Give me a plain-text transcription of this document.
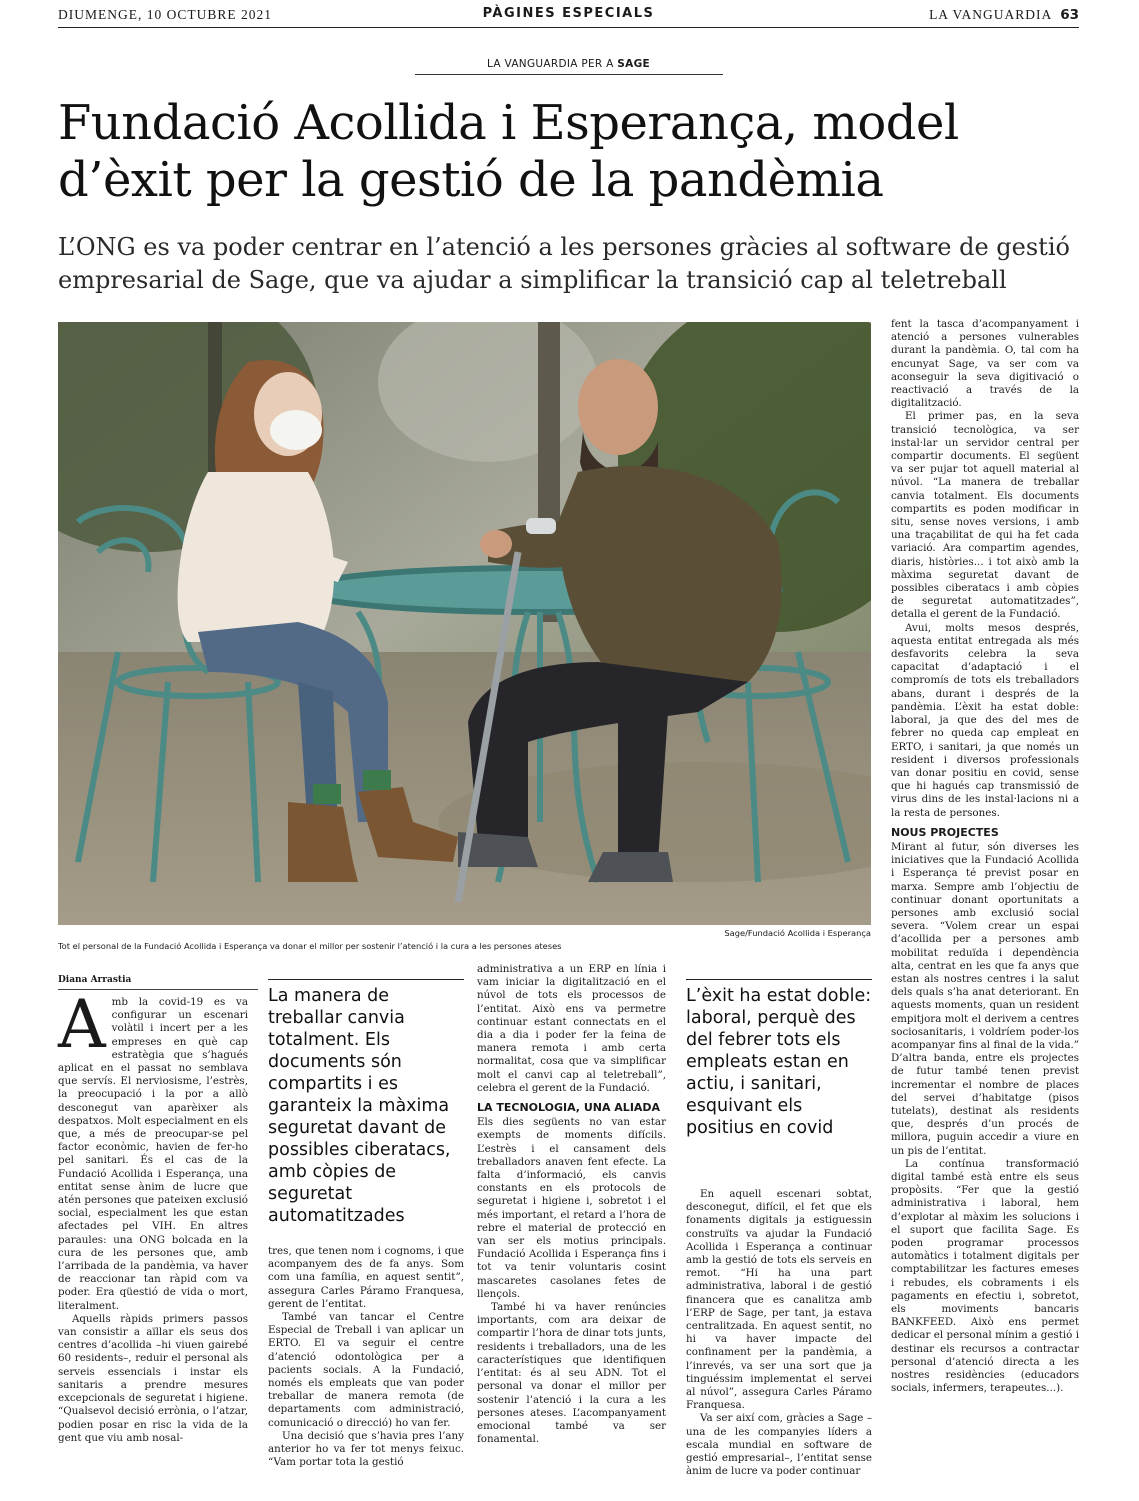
DIUMENGE, 10 OCTUBRE 2021	PÀGINES ESPECIALS	LA VANGUARDIA 63
LA VANGUARDIA PER A SAGE
Fundació Acollida i Esperança, model d’èxit per la gestió de la pandèmia

L’ONG es va poder centrar en l’atenció a les persones gràcies al software de gestió empresarial de Sage, que va ajudar a simplificar la transició cap al teletreball

Sage/Fundació Acollida i Esperança
Tot el personal de la Fundació Acollida i Esperança va donar el millor per sostenir l’atenció i la cura a les persones ateses

fent la tasca d’acompanyament i atenció a persones vulnerables durant la pandèmia. O, tal com ha encunyat Sage, va ser com va aconseguir la seva digitivació o reactivació a través de la digitalització.

El primer pas, en la seva transició tecnològica, va ser instal·lar un servidor central per compartir documents. El següent va ser pujar tot aquell material al núvol. “La manera de treballar canvia totalment. Els documents compartits es poden modificar in situ, sense noves versions, i amb una traçabilitat de qui ha fet cada variació. Ara compartim agendes, diaris, històries... i tot això amb la màxima seguretat davant de possibles ciberatacs i amb còpies de seguretat automatitzades”, detalla el gerent de la Fundació.

Avui, molts mesos després, aquesta entitat entregada als més desfavorits celebra la seva capacitat d’adaptació i el compromís de tots els treballadors abans, durant i després de la pandèmia. L’èxit ha estat doble: laboral, ja que des del mes de febrer no queda cap empleat en ERTO, i sanitari, ja que només un resident i diversos professionals van donar positiu en covid, sense que hi hagués cap transmissió de virus dins de les instal·lacions ni a la resta de persones.

NOUS PROJECTES

Mirant al futur, són diverses les iniciatives que la Fundació Acollida i Esperança té previst posar en marxa. Sempre amb l’objectiu de continuar donant oportunitats a persones amb exclusió social severa. “Volem crear un espai d’acollida per a persones amb mobilitat reduïda i dependència alta, centrat en les que fa anys que estan als nostres centres i la salut dels quals s’ha anat deteriorant. En aquests moments, quan un resident empitjora molt el derivem a centres sociosanitaris, i voldríem poder-los acompanyar fins al final de la vida.” D’altra banda, entre els projectes de futur també tenen previst incrementar el nombre de places del servei d’habitatge (pisos tutelats), destinat als residents que, després d’un procés de millora, puguin accedir a viure en un pis de l’entitat.

La contínua transformació digital també està entre els seus propòsits. “Fer que la gestió administrativa i laboral, hem d’explotar al màxim les solucions i el suport que facilita Sage. Es poden programar processos automàtics i totalment digitals per comptabilitzar les factures emeses i rebudes, els cobraments i els pagaments en efectiu i, sobretot, els moviments bancaris BANKFEED. Això ens permet dedicar el personal mínim a gestió i destinar els recursos a contractar personal d’atenció directa a les nostres residències (educadors socials, infermers, terapeutes...).

Diana Arrastia

Amb la covid-19 es va configurar un escenari volàtil i incert per a les empreses en què cap estratègia que s’hagués aplicat en el passat no semblava que servís. El nerviosisme, l’estrès, la preocupació i la por a allò desconegut van aparèixer als despatxos. Molt especialment en els que, a més de preocupar-se pel factor econòmic, havien de fer-ho pel sanitari. És el cas de la Fundació Acollida i Esperança, una entitat sense ànim de lucre que atén persones que pateixen exclusió social, especialment les que estan afectades pel VIH. En altres paraules: una ONG bolcada en la cura de les persones que, amb l’arribada de la pandèmia, va haver de reaccionar tan ràpid com va poder. Era qüestió de vida o mort, literalment.

Aquells ràpids primers passos van consistir a aïllar els seus dos centres d’acollida –hi viuen gairebé 60 residents–, reduir el personal als serveis essencials i instar els sanitaris a prendre mesures excepcionals de seguretat i higiene. “Qualsevol decisió errònia, o l’atzar, podien posar en risc la vida de la gent que viu amb nosal-

La manera de treballar canvia totalment. Els documents són compartits i es garanteix la màxima seguretat davant de possibles ciberatacs, amb còpies de seguretat automatitzades

tres, que tenen nom i cognoms, i que acompanyem des de fa anys. Som com una família, en aquest sentit”, assegura Carles Páramo Franquesa, gerent de l’entitat.

També van tancar el Centre Especial de Treball i van aplicar un ERTO. El va seguir el centre d’atenció odontològica per a pacients socials. A la Fundació, només els empleats que van poder treballar de manera remota (de departaments com administració, comunicació o direcció) ho van fer.

Una decisió que s’havia pres l’any anterior ho va fer tot menys feixuc. “Vam portar tota la gestió

administrativa a un ERP en línia i vam iniciar la digitalització en el núvol de tots els processos de l’entitat. Això ens va permetre continuar estant connectats en el dia a dia i poder fer la feina de manera remota i amb certa normalitat, cosa que va simplificar molt el canvi cap al teletreball”, celebra el gerent de la Fundació.

LA TECNOLOGIA, UNA ALIADA

Els dies següents no van estar exempts de moments difícils. L’estrès i el cansament dels treballadors anaven fent efecte. La falta d’informació, els canvis constants en els protocols de seguretat i higiene i, sobretot i el més important, el retard a l’hora de rebre el material de protecció en van ser els motius principals. Fundació Acollida i Esperança fins i tot va tenir voluntaris cosint mascaretes casolanes fetes de llençols.

També hi va haver renúncies importants, com ara deixar de compartir l’hora de dinar tots junts, residents i treballadors, una de les característiques que identifiquen l’entitat: és al seu ADN. Tot el personal va donar el millor per sostenir l’atenció i la cura a les persones ateses. L’acompanyament emocional també va ser fonamental.

L’èxit ha estat doble: laboral, perquè des del febrer tots els empleats estan en actiu, i sanitari, esquivant els positius en covid

En aquell escenari sobtat, desconegut, difícil, el fet que els fonaments digitals ja estiguessin construïts va ajudar la Fundació Acollida i Esperança a continuar amb la gestió de tots els serveis en remot. “Hi ha una part administrativa, laboral i de gestió financera que es canalitza amb l’ERP de Sage, per tant, ja estava centralitzada. En aquest sentit, no hi va haver impacte del confinament per la pandèmia, a l’inrevés, va ser una sort que ja tinguéssim implementat el servei al núvol”, assegura Carles Páramo Franquesa.

Va ser així com, gràcies a Sage –una de les companyies líders a escala mundial en software de gestió empresarial–, l’entitat sense ànim de lucre va poder continuar
